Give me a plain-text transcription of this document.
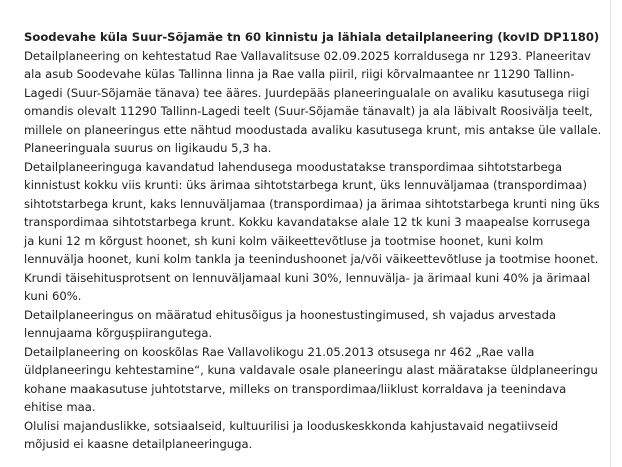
Soodevahe küla Suur-Sõjamäe tn 60 kinnistu ja lähiala detailplaneering (kovID DP1180)

Detailplaneering on kehtestatud Rae Vallavalitsuse 02.09.2025 korraldusega nr 1293. Planeeritav ala asub Soodevahe külas Tallinna linna ja Rae valla piiril, riigi kõrvalmaantee nr 11290 Tallinn-Lagedi (Suur-Sõjamäe tänava) tee ääres. Juurdepääs planeeringualale on avaliku kasutusega riigi omandis olevalt 11290 Tallinn-Lagedi teelt (Suur-Sõjamäe tänavalt) ja ala läbivalt Roosivälja teelt, millele on planeeringus ette nähtud moodustada avaliku kasutusega krunt, mis antakse üle vallale. Planeeringuala suurus on ligikaudu 5,3 ha.

Detailplaneeringuga kavandatud lahendusega moodustatakse transpordimaa sihtotstarbega kinnistust kokku viis krunti: üks ärimaa sihtotstarbega krunt, üks lennuväljamaa (transpordimaa) sihtotstarbega krunt, kaks lennuväljamaa (transpordimaa) ja ärimaa sihtotstarbega krunti ning üks transpordimaa sihtotstarbega krunt. Kokku kavandatakse alale 12 tk kuni 3 maapealse korrusega ja kuni 12 m kõrgust hoonet, sh kuni kolm väikeettevõtluse ja tootmise hoonet, kuni kolm lennuvälja hoonet, kuni kolm tankla ja teenindushoonet ja/või väikeettevõtluse ja tootmise hoonet. Krundi täisehitusprotsent on lennuväljamaal kuni 30%, lennuvälja- ja ärimaal kuni 40% ja ärimaal kuni 60%.

Detailplaneeringus on määratud ehitusõigus ja hoonestustingimused, sh vajadus arvestada lennujaama kõrgușpiirangutega.

Detailplaneering on kooskõlas Rae Vallavolikogu 21.05.2013 otsusega nr 462 „Rae valla üldplaneeringu kehtestamine“, kuna valdavale osale planeeringu alast määratakse üldplaneeringu kohane maakasutuse juhtotstarve, milleks on transpordimaa/liiklust korraldava ja teenindava ehitise maa.

Olulisi majanduslikke, sotsiaalseid, kultuurilisi ja looduskeskkonda kahjustavaid negatiivseid mõjusid ei kaasne detailplaneeringuga.
